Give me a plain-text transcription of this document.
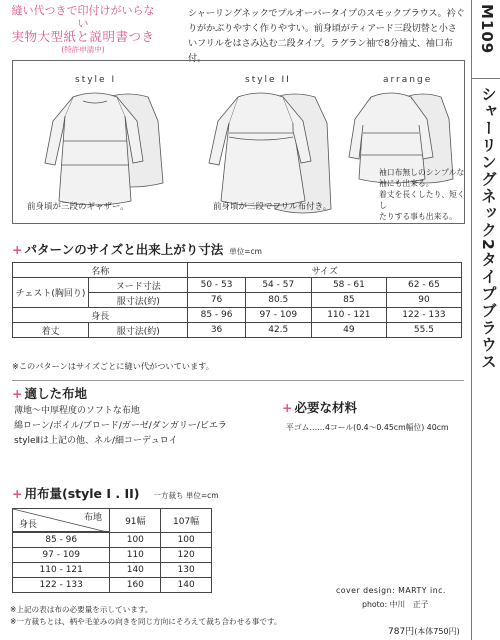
縫い代つきで印付けがいらない
実物大型紙と説明書つき
(特許申請中)
シャーリングネックでプルオーバータイプのスモックブラウス。衿ぐ
りがかぶりやすく作りやすい。前身頃がティアード三段切替と小さ
いフリルをはさみ込む二段タイプ。ラグラン袖で8分袖丈、袖口布付。
M109
シャーリングネック2タイプブラウス
style I	style II	arrange
前身頃が三段のギャザー。	前身頃が二段でフリル布付き。
袖口布無しのシンプルな
袖にも出来る。
着丈を長くしたり、短くし
たりする事も出来る。
+ パターンのサイズと出来上がり寸法 単位=cm
名称		サイズ			
チェスト(胸回り)	ヌード寸法	50 - 53	54 - 57	58 - 61	62 - 65
	服寸法(約)	76	80.5	85	90
身長		85 - 96	97 - 109	110 - 121	122 - 133
着丈	服寸法(約)	36	42.5	49	55.5
※このパターンはサイズごとに縫い代がついています。
+ 適した布地
薄地～中厚程度のソフトな布地
綿ローン/ボイル/ブロード/ガーゼ/ダンガリー/ビエラ
styleⅡは上記の他、ネル/細コーデュロイ
+ 必要な材料
平ゴム……4コール(0.4～0.45cm幅位) 40cm
+ 用布量(style I . II) 一方裁ち 単位=cm
布地
身長
		91幅	107幅
85 - 96	100	100
97 - 109	110	120
110 - 121	140	130
122 - 133	160	140
cover design: MARTY inc.
photo: 中川　正子
※上記の表は布の必要量を示しています。
※一方裁ちとは、柄や毛並みの向きを同じ方向にそろえて裁ち合わせる事です。
787円(本体750円)
